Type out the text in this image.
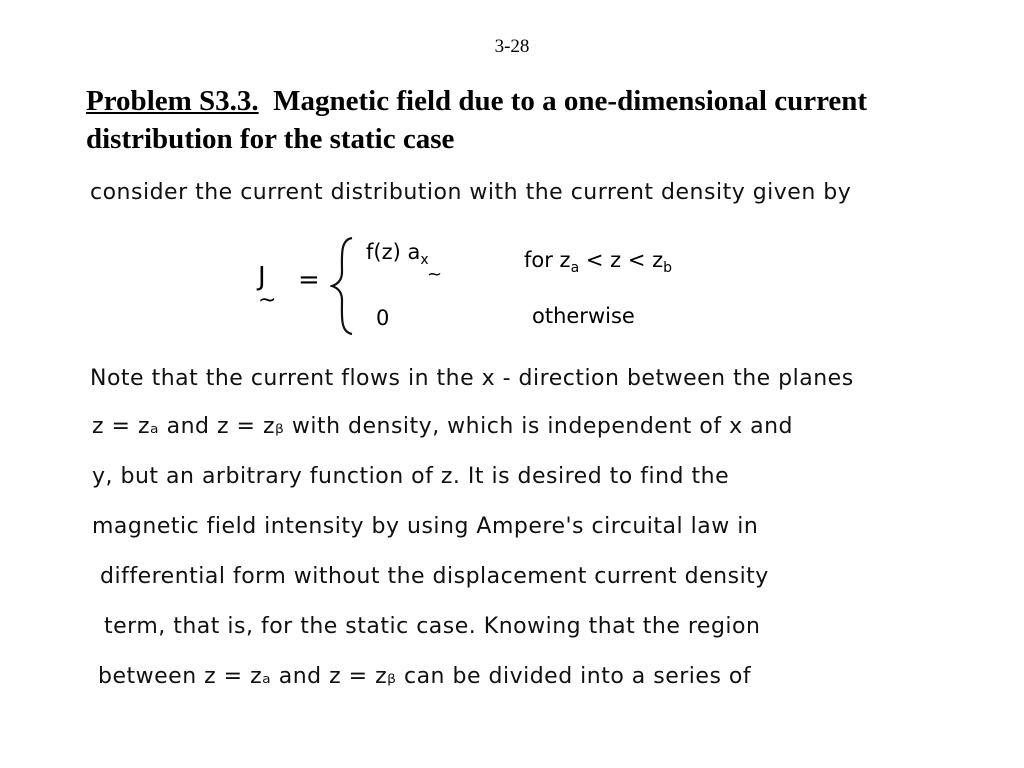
3-28
Problem S3.3. Magnetic field due to a one-dimensional current distribution for the static case
consider the current distribution with the current density given by
J
~
=
f(z) $a_x$
~
for $z_a < z < z_b$
0	otherwise
Note that the current flows in the x - direction between the planes
z = zₐ and z = zᵦ with density, which is independent of x and
y, but an arbitrary function of z. It is desired to find the
magnetic field intensity by using Ampere's circuital law in
differential form without the displacement current density
term, that is, for the static case. Knowing that the region
between z = zₐ and z = zᵦ can be divided into a series of
